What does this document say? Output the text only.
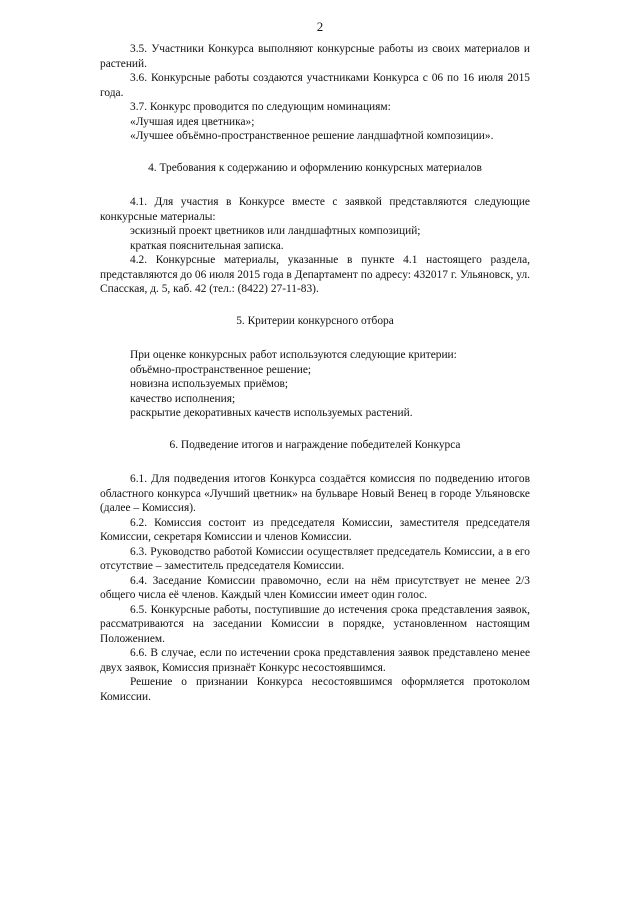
2

3.5. Участники Конкурса выполняют конкурсные работы из своих материалов и растений.

3.6. Конкурсные работы создаются участниками Конкурса с 06 по 16 июля 2015 года.

3.7. Конкурс проводится по следующим номинациям:

«Лучшая идея цветника»;

«Лучшее объёмно-пространственное решение ландшафтной композиции».

4. Требования к содержанию и оформлению конкурсных материалов

4.1. Для участия в Конкурсе вместе с заявкой представляются следующие конкурсные материалы:

эскизный проект цветников или ландшафтных композиций;

краткая пояснительная записка.

4.2. Конкурсные материалы, указанные в пункте 4.1 настоящего раздела, представляются до 06 июля 2015 года в Департамент по адресу: 432017 г. Ульяновск, ул. Спасская, д. 5, каб. 42 (тел.: (8422) 27-11-83).

5. Критерии конкурсного отбора

При оценке конкурсных работ используются следующие критерии:

объёмно-пространственное решение;

новизна используемых приёмов;

качество исполнения;

раскрытие декоративных качеств используемых растений.

6. Подведение итогов и награждение победителей Конкурса

6.1. Для подведения итогов Конкурса создаётся комиссия по подведению итогов областного конкурса «Лучший цветник» на бульваре Новый Венец в городе Ульяновске (далее – Комиссия).

6.2. Комиссия состоит из председателя Комиссии, заместителя председателя Комиссии, секретаря Комиссии и членов Комиссии.

6.3. Руководство работой Комиссии осуществляет председатель Комиссии, а в его отсутствие – заместитель председателя Комиссии.

6.4. Заседание Комиссии правомочно, если на нём присутствует не менее 2/3 общего числа её членов. Каждый член Комиссии имеет один голос.

6.5. Конкурсные работы, поступившие до истечения срока представления заявок, рассматриваются на заседании Комиссии в порядке, установленном настоящим Положением.

6.6. В случае, если по истечении срока представления заявок представлено менее двух заявок, Комиссия признаёт Конкурс несостоявшимся.

Решение о признании Конкурса несостоявшимся оформляется протоколом Комиссии.
